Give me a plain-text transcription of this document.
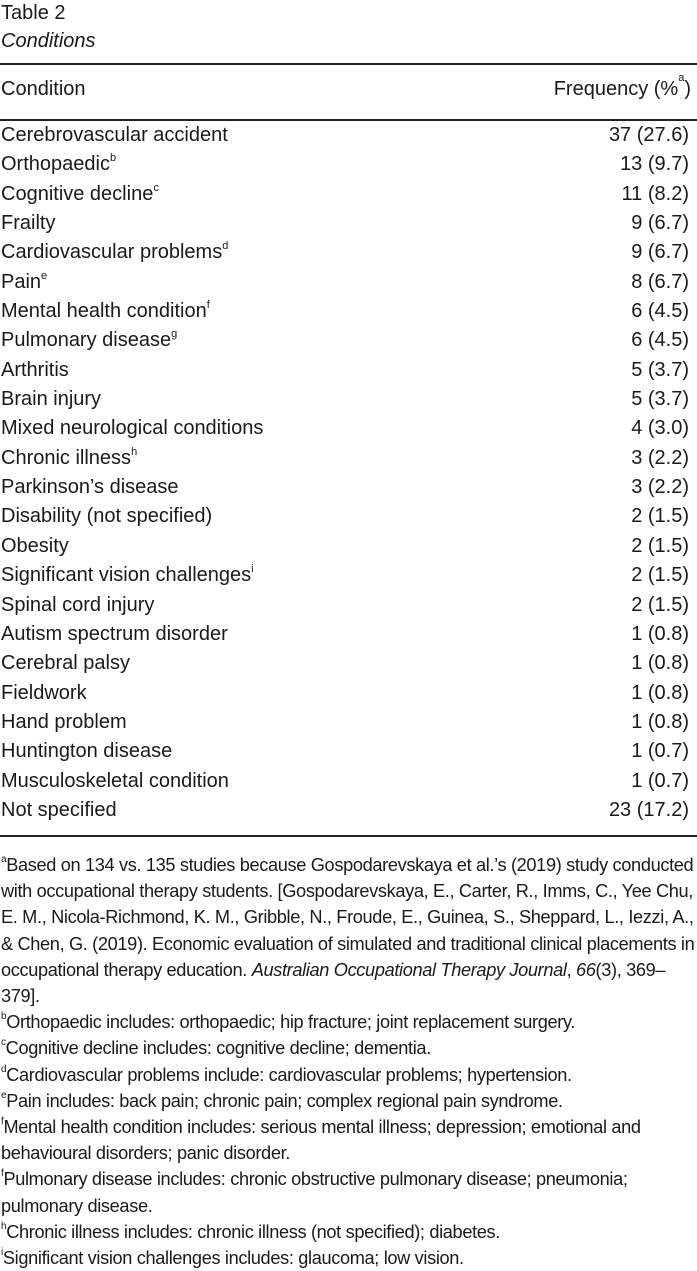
Table 2
Conditions
Condition	Frequency (%$^a$)
Cerebrovascular accident	37 (27.6)
Orthopaedic$^b$	13 (9.7)
Cognitive decline$^c$	11 (8.2)
Frailty	9 (6.7)
Cardiovascular problems$^d$	9 (6.7)
Pain$^e$	8 (6.7)
Mental health condition$^f$	6 (4.5)
Pulmonary disease$^g$	6 (4.5)
Arthritis	5 (3.7)
Brain injury	5 (3.7)
Mixed neurological conditions	4 (3.0)
Chronic illness$^h$	3 (2.2)
Parkinson’s disease	3 (2.2)
Disability (not specified)	2 (1.5)
Obesity	2 (1.5)
Significant vision challenges$^i$	2 (1.5)
Spinal cord injury	2 (1.5)
Autism spectrum disorder	1 (0.8)
Cerebral palsy	1 (0.8)
Fieldwork	1 (0.8)
Hand problem	1 (0.8)
Huntington disease	1 (0.7)
Musculoskeletal condition	1 (0.7)
Not specified	23 (17.2)

$^a$Based on 134 vs. 135 studies because Gospodarevskaya et al.’s (2019) study conducted with occupational therapy students. [Gospodarevskaya, E., Carter, R., Imms, C., Yee Chu, E. M., Nicola-Richmond, K. M., Gribble, N., Froude, E., Guinea, S., Sheppard, L., Iezzi, A., & Chen, G. (2019). Economic evaluation of simulated and traditional clinical placements in occupational therapy education. Australian Occupational Therapy Journal, 66(3), 369–379].

$^b$Orthopaedic includes: orthopaedic; hip fracture; joint replacement surgery.

$^c$Cognitive decline includes: cognitive decline; dementia.

$^d$Cardiovascular problems include: cardiovascular problems; hypertension.

$^e$Pain includes: back pain; chronic pain; complex regional pain syndrome.

$^f$Mental health condition includes: serious mental illness; depression; emotional and behavioural disorders; panic disorder.

$^f$Pulmonary disease includes: chronic obstructive pulmonary disease; pneumonia; pulmonary disease.

$^h$Chronic illness includes: chronic illness (not specified); diabetes.

$^i$Significant vision challenges includes: glaucoma; low vision.
